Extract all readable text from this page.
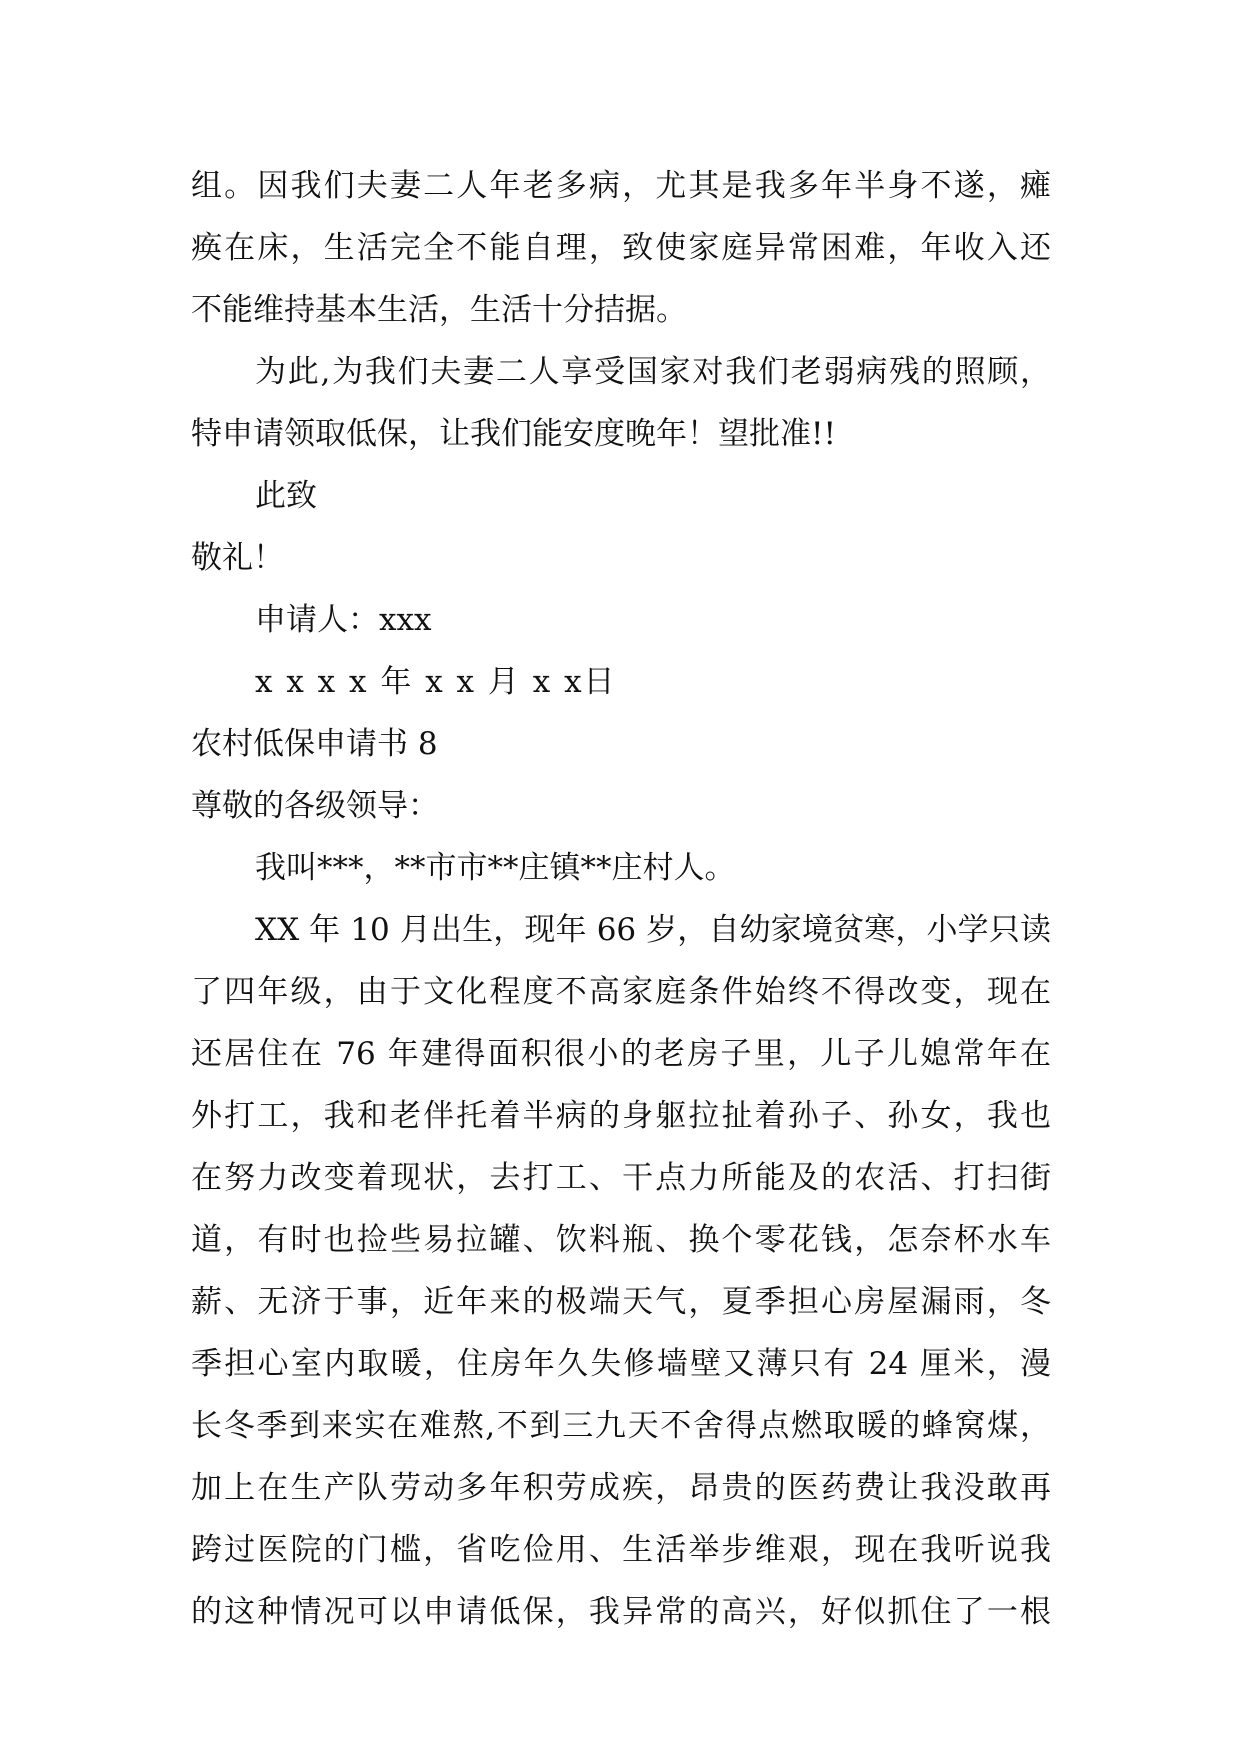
组。因我们夫妻二人年老多病，尤其是我多年半身不遂，瘫
痪在床，生活完全不能自理，致使家庭异常困难，年收入还
不能维持基本生活，生活十分拮据。
为此,为我们夫妻二人享受国家对我们老弱病残的照顾，
特申请领取低保，让我们能安度晚年！望批准!!
此致
敬礼！
申请人：xxx
x x x x 年 x x 月 x x日
农村低保申请书 8
尊敬的各级领导：
我叫***，**市市**庄镇**庄村人。
XX 年 10 月出生，现年 66 岁，自幼家境贫寒，小学只读
了四年级，由于文化程度不高家庭条件始终不得改变，现在
还居住在 76 年建得面积很小的老房子里，儿子儿媳常年在
外打工，我和老伴托着半病的身躯拉扯着孙子、孙女，我也
在努力改变着现状，去打工、干点力所能及的农活、打扫街
道，有时也捡些易拉罐、饮料瓶、换个零花钱，怎奈杯水车
薪、无济于事，近年来的极端天气，夏季担心房屋漏雨，冬
季担心室内取暖，住房年久失修墙壁又薄只有 24 厘米，漫
长冬季到来实在难熬,不到三九天不舍得点燃取暖的蜂窝煤，
加上在生产队劳动多年积劳成疾，昂贵的医药费让我没敢再
跨过医院的门槛，省吃俭用、生活举步维艰，现在我听说我
的这种情况可以申请低保，我异常的高兴，好似抓住了一根
